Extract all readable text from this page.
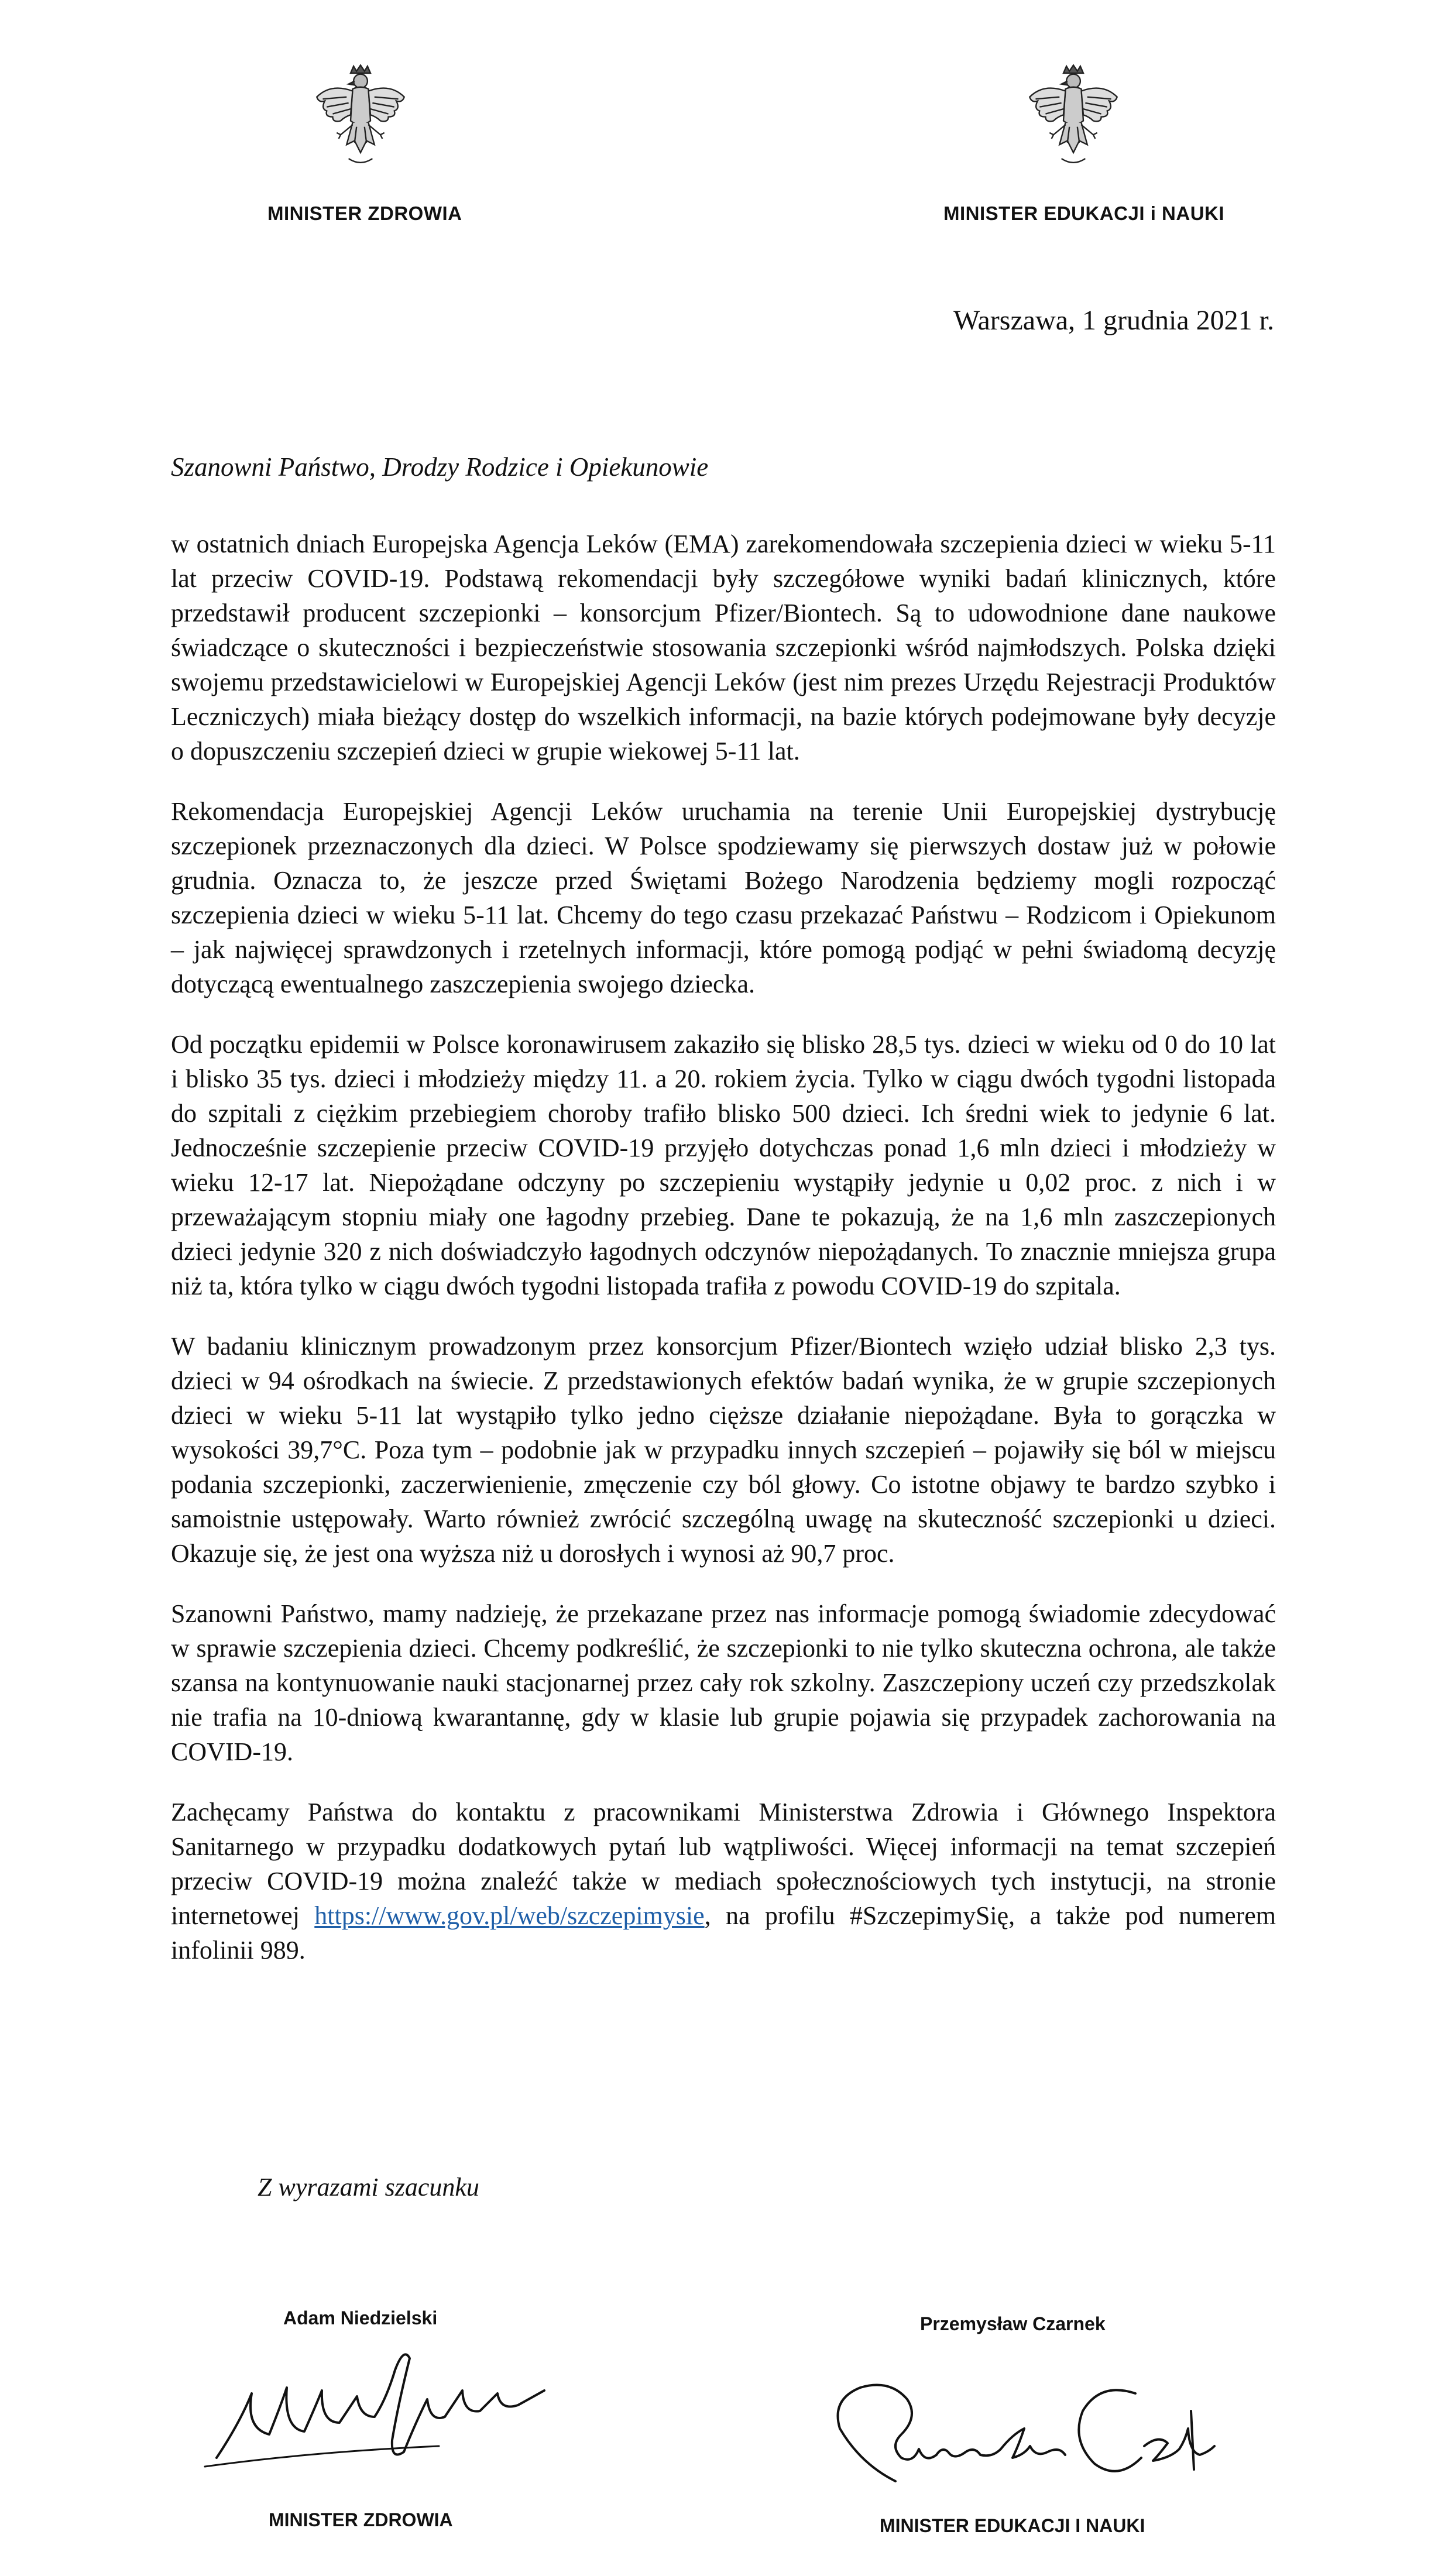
MINISTER ZDROWIA	MINISTER EDUKACJI i NAUKI
Warszawa, 1 grudnia 2021 r.
Szanowni Państwo, Drodzy Rodzice i Opiekunowie

w ostatnich dniach Europejska Agencja Leków (EMA) zarekomendowała szczepienia dzieci w wieku 5-11 lat przeciw COVID-19. Podstawą rekomendacji były szczegółowe wyniki badań klinicznych, które przedstawił producent szczepionki – konsorcjum Pfizer/Biontech. Są to udowodnione dane naukowe świadczące o skuteczności i bezpieczeństwie stosowania szczepionki wśród najmłodszych. Polska dzięki swojemu przedstawicielowi w Europejskiej Agencji Leków (jest nim prezes Urzędu Rejestracji Produktów Leczniczych) miała bieżący dostęp do wszelkich informacji, na bazie których podejmowane były decyzje o dopuszczeniu szczepień dzieci w grupie wiekowej 5-11 lat.

Rekomendacja Europejskiej Agencji Leków uruchamia na terenie Unii Europejskiej dystrybucję szczepionek przeznaczonych dla dzieci. W Polsce spodziewamy się pierwszych dostaw już w połowie grudnia. Oznacza to, że jeszcze przed Świętami Bożego Narodzenia będziemy mogli rozpocząć szczepienia dzieci w wieku 5-11 lat. Chcemy do tego czasu przekazać Państwu – Rodzicom i Opiekunom – jak najwięcej sprawdzonych i rzetelnych informacji, które pomogą podjąć w pełni świadomą decyzję dotyczącą ewentualnego zaszczepienia swojego dziecka.

Od początku epidemii w Polsce koronawirusem zakaziło się blisko 28,5 tys. dzieci w wieku od 0 do 10 lat i blisko 35 tys. dzieci i młodzieży między 11. a 20. rokiem życia. Tylko w ciągu dwóch tygodni listopada do szpitali z ciężkim przebiegiem choroby trafiło blisko 500 dzieci. Ich średni wiek to jedynie 6 lat. Jednocześnie szczepienie przeciw COVID-19 przyjęło dotychczas ponad 1,6 mln dzieci i młodzieży w wieku 12-17 lat. Niepożądane odczyny po szczepieniu wystąpiły jedynie u 0,02 proc. z nich i w przeważającym stopniu miały one łagodny przebieg. Dane te pokazują, że na 1,6 mln zaszczepionych dzieci jedynie 320 z nich doświadczyło łagodnych odczynów niepożądanych. To znacznie mniejsza grupa niż ta, która tylko w ciągu dwóch tygodni listopada trafiła z powodu COVID-19 do szpitala.

W badaniu klinicznym prowadzonym przez konsorcjum Pfizer/Biontech wzięło udział blisko 2,3 tys. dzieci w 94 ośrodkach na świecie. Z przedstawionych efektów badań wynika, że w grupie szczepionych dzieci w wieku 5-11 lat wystąpiło tylko jedno cięższe działanie niepożądane. Była to gorączka w wysokości 39,7°C. Poza tym – podobnie jak w przypadku innych szczepień – pojawiły się ból w miejscu podania szczepionki, zaczerwienienie, zmęczenie czy ból głowy. Co istotne objawy te bardzo szybko i samoistnie ustępowały. Warto również zwrócić szczególną uwagę na skuteczność szczepionki u dzieci. Okazuje się, że jest ona wyższa niż u dorosłych i wynosi aż 90,7 proc.

Szanowni Państwo, mamy nadzieję, że przekazane przez nas informacje pomogą świadomie zdecydować w sprawie szczepienia dzieci. Chcemy podkreślić, że szczepionki to nie tylko skuteczna ochrona, ale także szansa na kontynuowanie nauki stacjonarnej przez cały rok szkolny. Zaszczepiony uczeń czy przedszkolak nie trafia na 10-dniową kwarantannę, gdy w klasie lub grupie pojawia się przypadek zachorowania na COVID-19.

Zachęcamy Państwa do kontaktu z pracownikami Ministerstwa Zdrowia i Głównego Inspektora Sanitarnego w przypadku dodatkowych pytań lub wątpliwości. Więcej informacji na temat szczepień przeciw COVID-19 można znaleźć także w mediach społecznościowych tych instytucji, na stronie internetowej https://www.gov.pl/web/szczepimysie, na profilu #SzczepimySię, a także pod numerem infolinii 989.

Z wyrazami szacunku
Adam Niedzielski
MINISTER ZDROWIA
Przemysław Czarnek
MINISTER EDUKACJI I NAUKI
